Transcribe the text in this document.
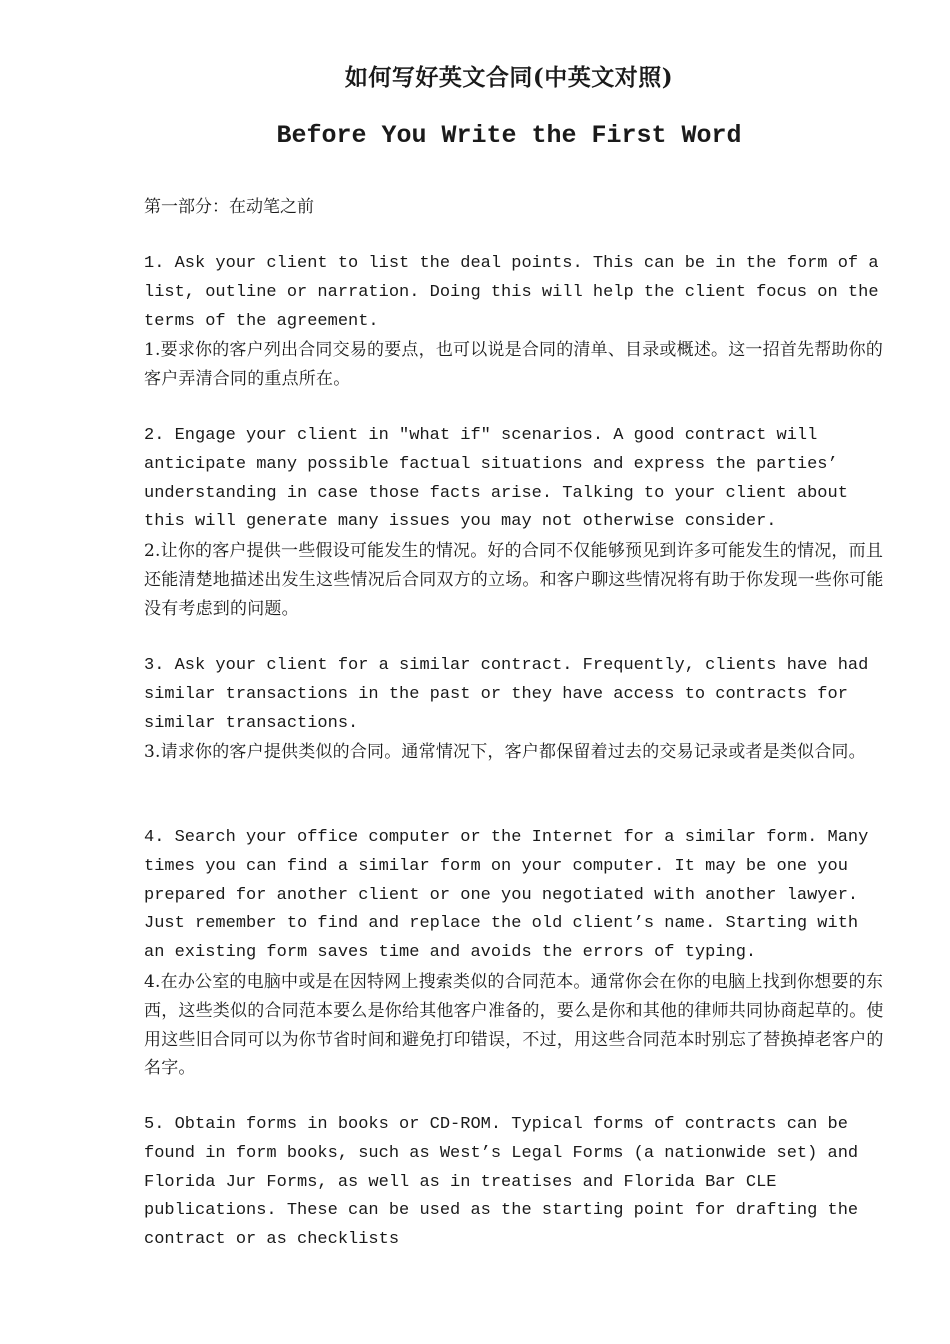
如何写好英文合同(中英文对照)
Before You Write the First Word

第一部分：在动笔之前

1. Ask your client to list the deal points. This can be in the form of a list, outline or narration. Doing this will help the client focus on the terms of the agreement.

1.要求你的客户列出合同交易的要点，也可以说是合同的清单、目录或概述。这一招首先帮助你的客户弄清合同的重点所在。

2. Engage your client in "what if" scenarios. A good contract will anticipate many possible factual situations and express the parties’ understanding in case those facts arise. Talking to your client about this will generate many issues you may not otherwise consider.

2.让你的客户提供一些假设可能发生的情况。好的合同不仅能够预见到许多可能发生的情况，而且还能清楚地描述出发生这些情况后合同双方的立场。和客户聊这些情况将有助于你发现一些你可能没有考虑到的问题。

3. Ask your client for a similar contract. Frequently, clients have had similar transactions in the past or they have access to contracts for similar transactions.

3.请求你的客户提供类似的合同。通常情况下，客户都保留着过去的交易记录或者是类似合同。

4. Search your office computer or the Internet for a similar form. Many times you can find a similar form on your computer. It may be one you prepared for another client or one you negotiated with another lawyer. Just remember to find and replace the old client’s name. Starting with an existing form saves time and avoids the errors of typing.

4.在办公室的电脑中或是在因特网上搜索类似的合同范本。通常你会在你的电脑上找到你想要的东西，这些类似的合同范本要么是你给其他客户准备的，要么是你和其他的律师共同协商起草的。使用这些旧合同可以为你节省时间和避免打印错误，不过，用这些合同范本时别忘了替换掉老客户的名字。

5. Obtain forms in books or CD-ROM. Typical forms of contracts can be found in form books, such as West’s Legal Forms (a nationwide set) and Florida Jur Forms, as well as in treatises and Florida Bar CLE publications. These can be used as the starting point for drafting the contract or as checklists
